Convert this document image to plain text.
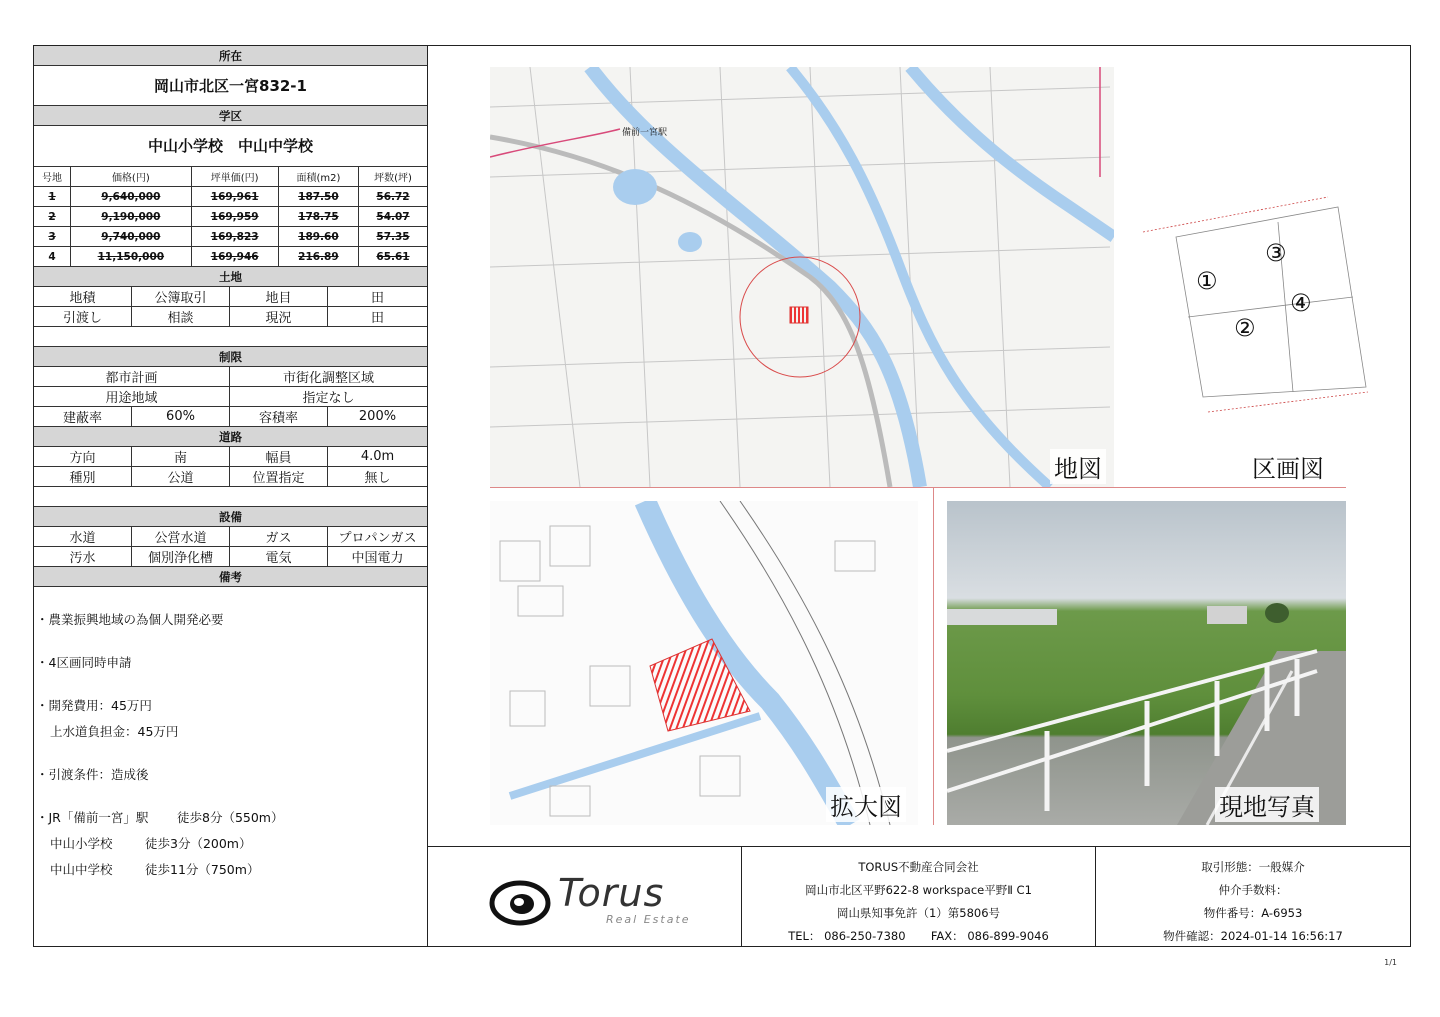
所在
岡山市北区一宮832-1
学区
中山小学校　中山中学校
号地	価格(円)	坪単価(円)	面積(m2)	坪数(坪)
1	9,640,000	169,961	187.50	56.72
2	9,190,000	169,959	178.75	54.07
3	9,740,000	169,823	189.60	57.35
4	11,150,000	169,946	216.89	65.61
土地
地積	公簿取引	地目	田
引渡し	相談	現況	田
制限
都市計画	市街化調整区域
用途地域	指定なし
建蔽率	60%	容積率	200%
道路
方向	南	幅員	4.0m
種別	公道	位置指定	無し
設備
水道	公営水道	ガス	プロパンガス
汚水	個別浄化槽	電気	中国電力
備考
・農業振興地域の為個人開発必要
・4区画同時申請
・開発費用：45万円
上水道負担金：45万円
・引渡条件：造成後
・JR「備前一宮」駅 徒歩8分（550m）
中山小学校	徒歩3分（200m）
中山中学校	徒歩11分（750m）
備前一宮駅
地図
①
②
③
④
区画図
拡大図	現地写真
Torus
Real Estate
TORUS不動産合同会社
岡山市北区平野622-8 workspace平野Ⅱ C1
岡山県知事免許（1）第5806号
TEL： 086-250-7380 FAX： 086-899-9046
取引形態：一般媒介
仲介手数料：
物件番号：A-6953
物件確認：2024-01-14 16:56:17
1/1
